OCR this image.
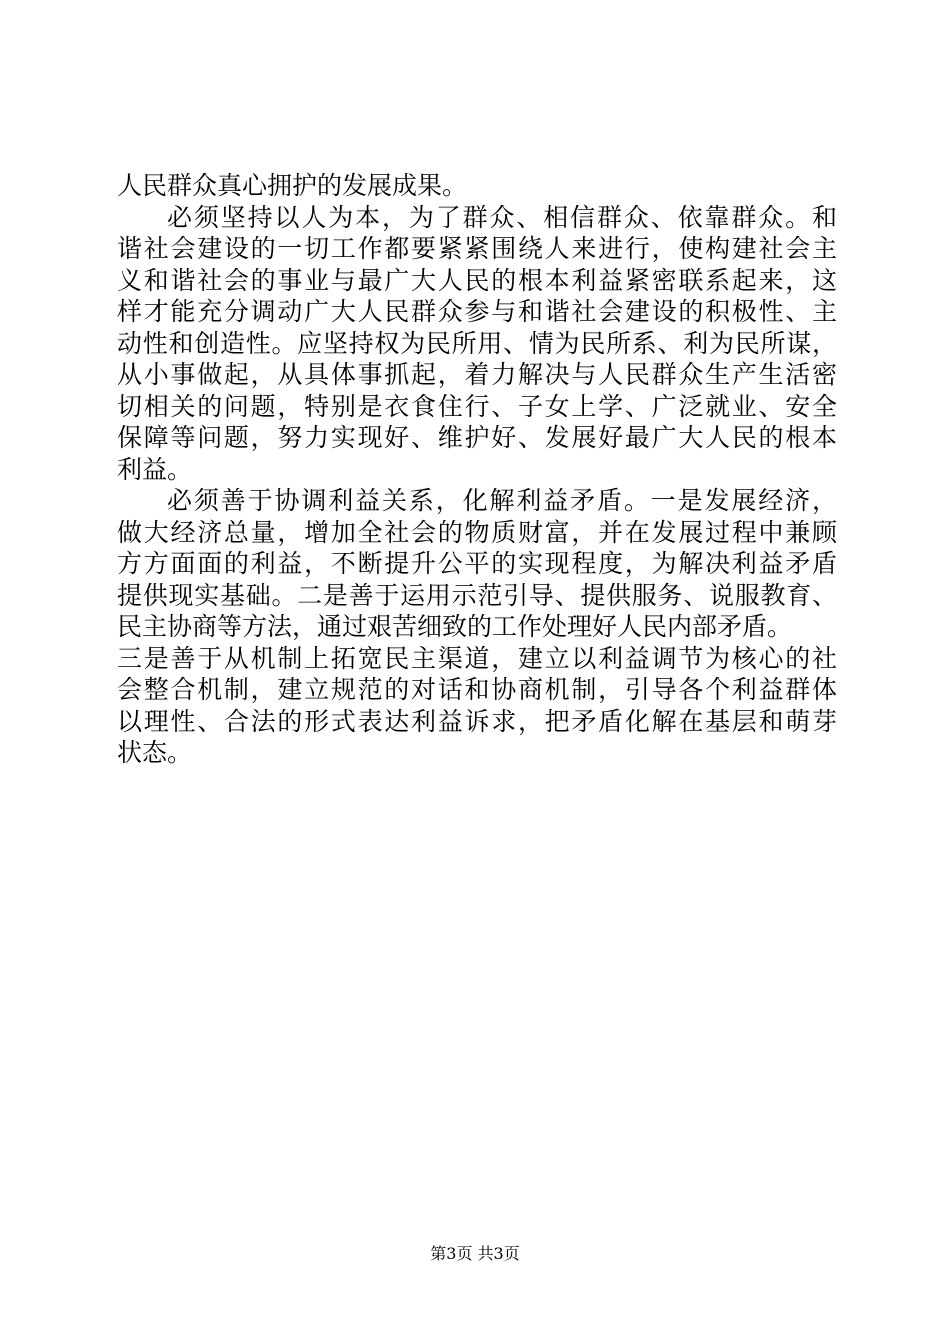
人民群众真心拥护的发展成果。
必须坚持以人为本，为了群众、相信群众、依靠群众。和
谐社会建设的一切工作都要紧紧围绕人来进行，使构建社会主
义和谐社会的事业与最广大人民的根本利益紧密联系起来，这
样才能充分调动广大人民群众参与和谐社会建设的积极性、主
动性和创造性。应坚持权为民所用、情为民所系、利为民所谋，
从小事做起，从具体事抓起，着力解决与人民群众生产生活密
切相关的问题，特别是衣食住行、子女上学、广泛就业、安全
保障等问题，努力实现好、维护好、发展好最广大人民的根本
利益。
必须善于协调利益关系，化解利益矛盾。一是发展经济，
做大经济总量，增加全社会的物质财富，并在发展过程中兼顾
方方面面的利益，不断提升公平的实现程度，为解决利益矛盾
提供现实基础。二是善于运用示范引导、提供服务、说服教育、
民主协商等方法，通过艰苦细致的工作处理好人民内部矛盾。
三是善于从机制上拓宽民主渠道，建立以利益调节为核心的社
会整合机制，建立规范的对话和协商机制，引导各个利益群体
以理性、合法的形式表达利益诉求，把矛盾化解在基层和萌芽
状态。
第3页 共3页
